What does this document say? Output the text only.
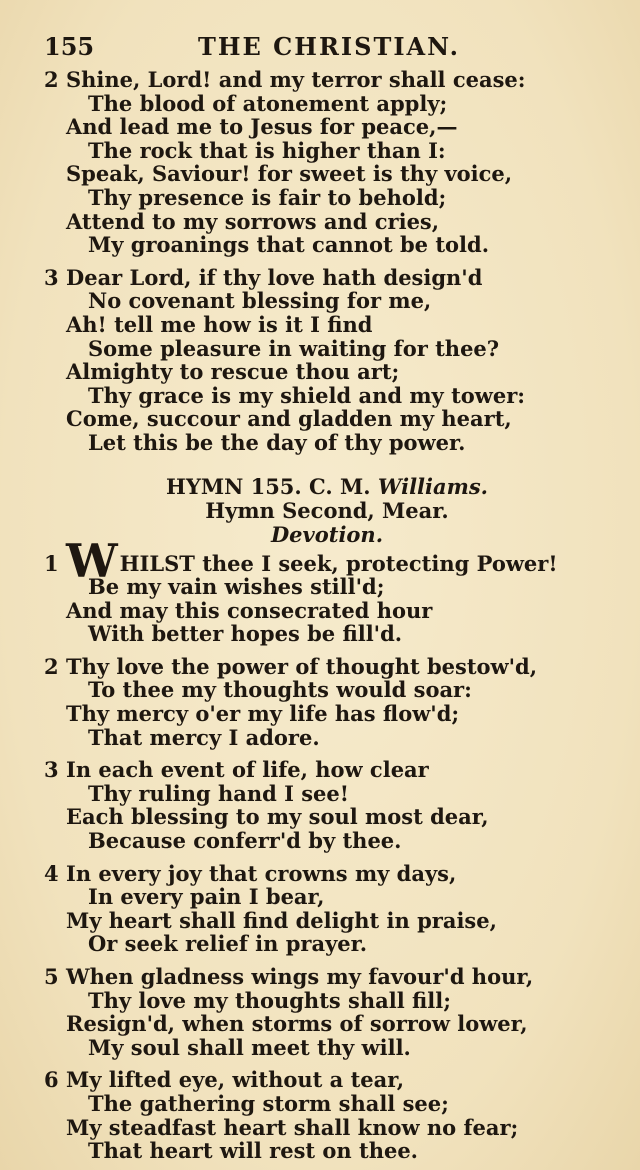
155	THE CHRISTIAN.
2 Shine, Lord! and my terror shall cease:
The blood of atonement apply;
And lead me to Jesus for peace,—
The rock that is higher than I:
Speak, Saviour! for sweet is thy voice,
Thy presence is fair to behold;
Attend to my sorrows and cries,
My groanings that cannot be told.
3 Dear Lord, if thy love hath design'd
No covenant blessing for me,
Ah! tell me how is it I find
Some pleasure in waiting for thee?
Almighty to rescue thou art;
Thy grace is my shield and my tower:
Come, succour and gladden my heart,
Let this be the day of thy power.
HYMN 155. C. M. Williams.
Hymn Second, Mear.
Devotion.
1 WHILST thee I seek, protecting Power!
Be my vain wishes still'd;
And may this consecrated hour
With better hopes be fill'd.
2 Thy love the power of thought bestow'd,
To thee my thoughts would soar:
Thy mercy o'er my life has flow'd;
That mercy I adore.
3 In each event of life, how clear
Thy ruling hand I see!
Each blessing to my soul most dear,
Because conferr'd by thee.
4 In every joy that crowns my days,
In every pain I bear,
My heart shall find delight in praise,
Or seek relief in prayer.
5 When gladness wings my favour'd hour,
Thy love my thoughts shall fill;
Resign'd, when storms of sorrow lower,
My soul shall meet thy will.
6 My lifted eye, without a tear,
The gathering storm shall see;
My steadfast heart shall know no fear;
That heart will rest on thee.
